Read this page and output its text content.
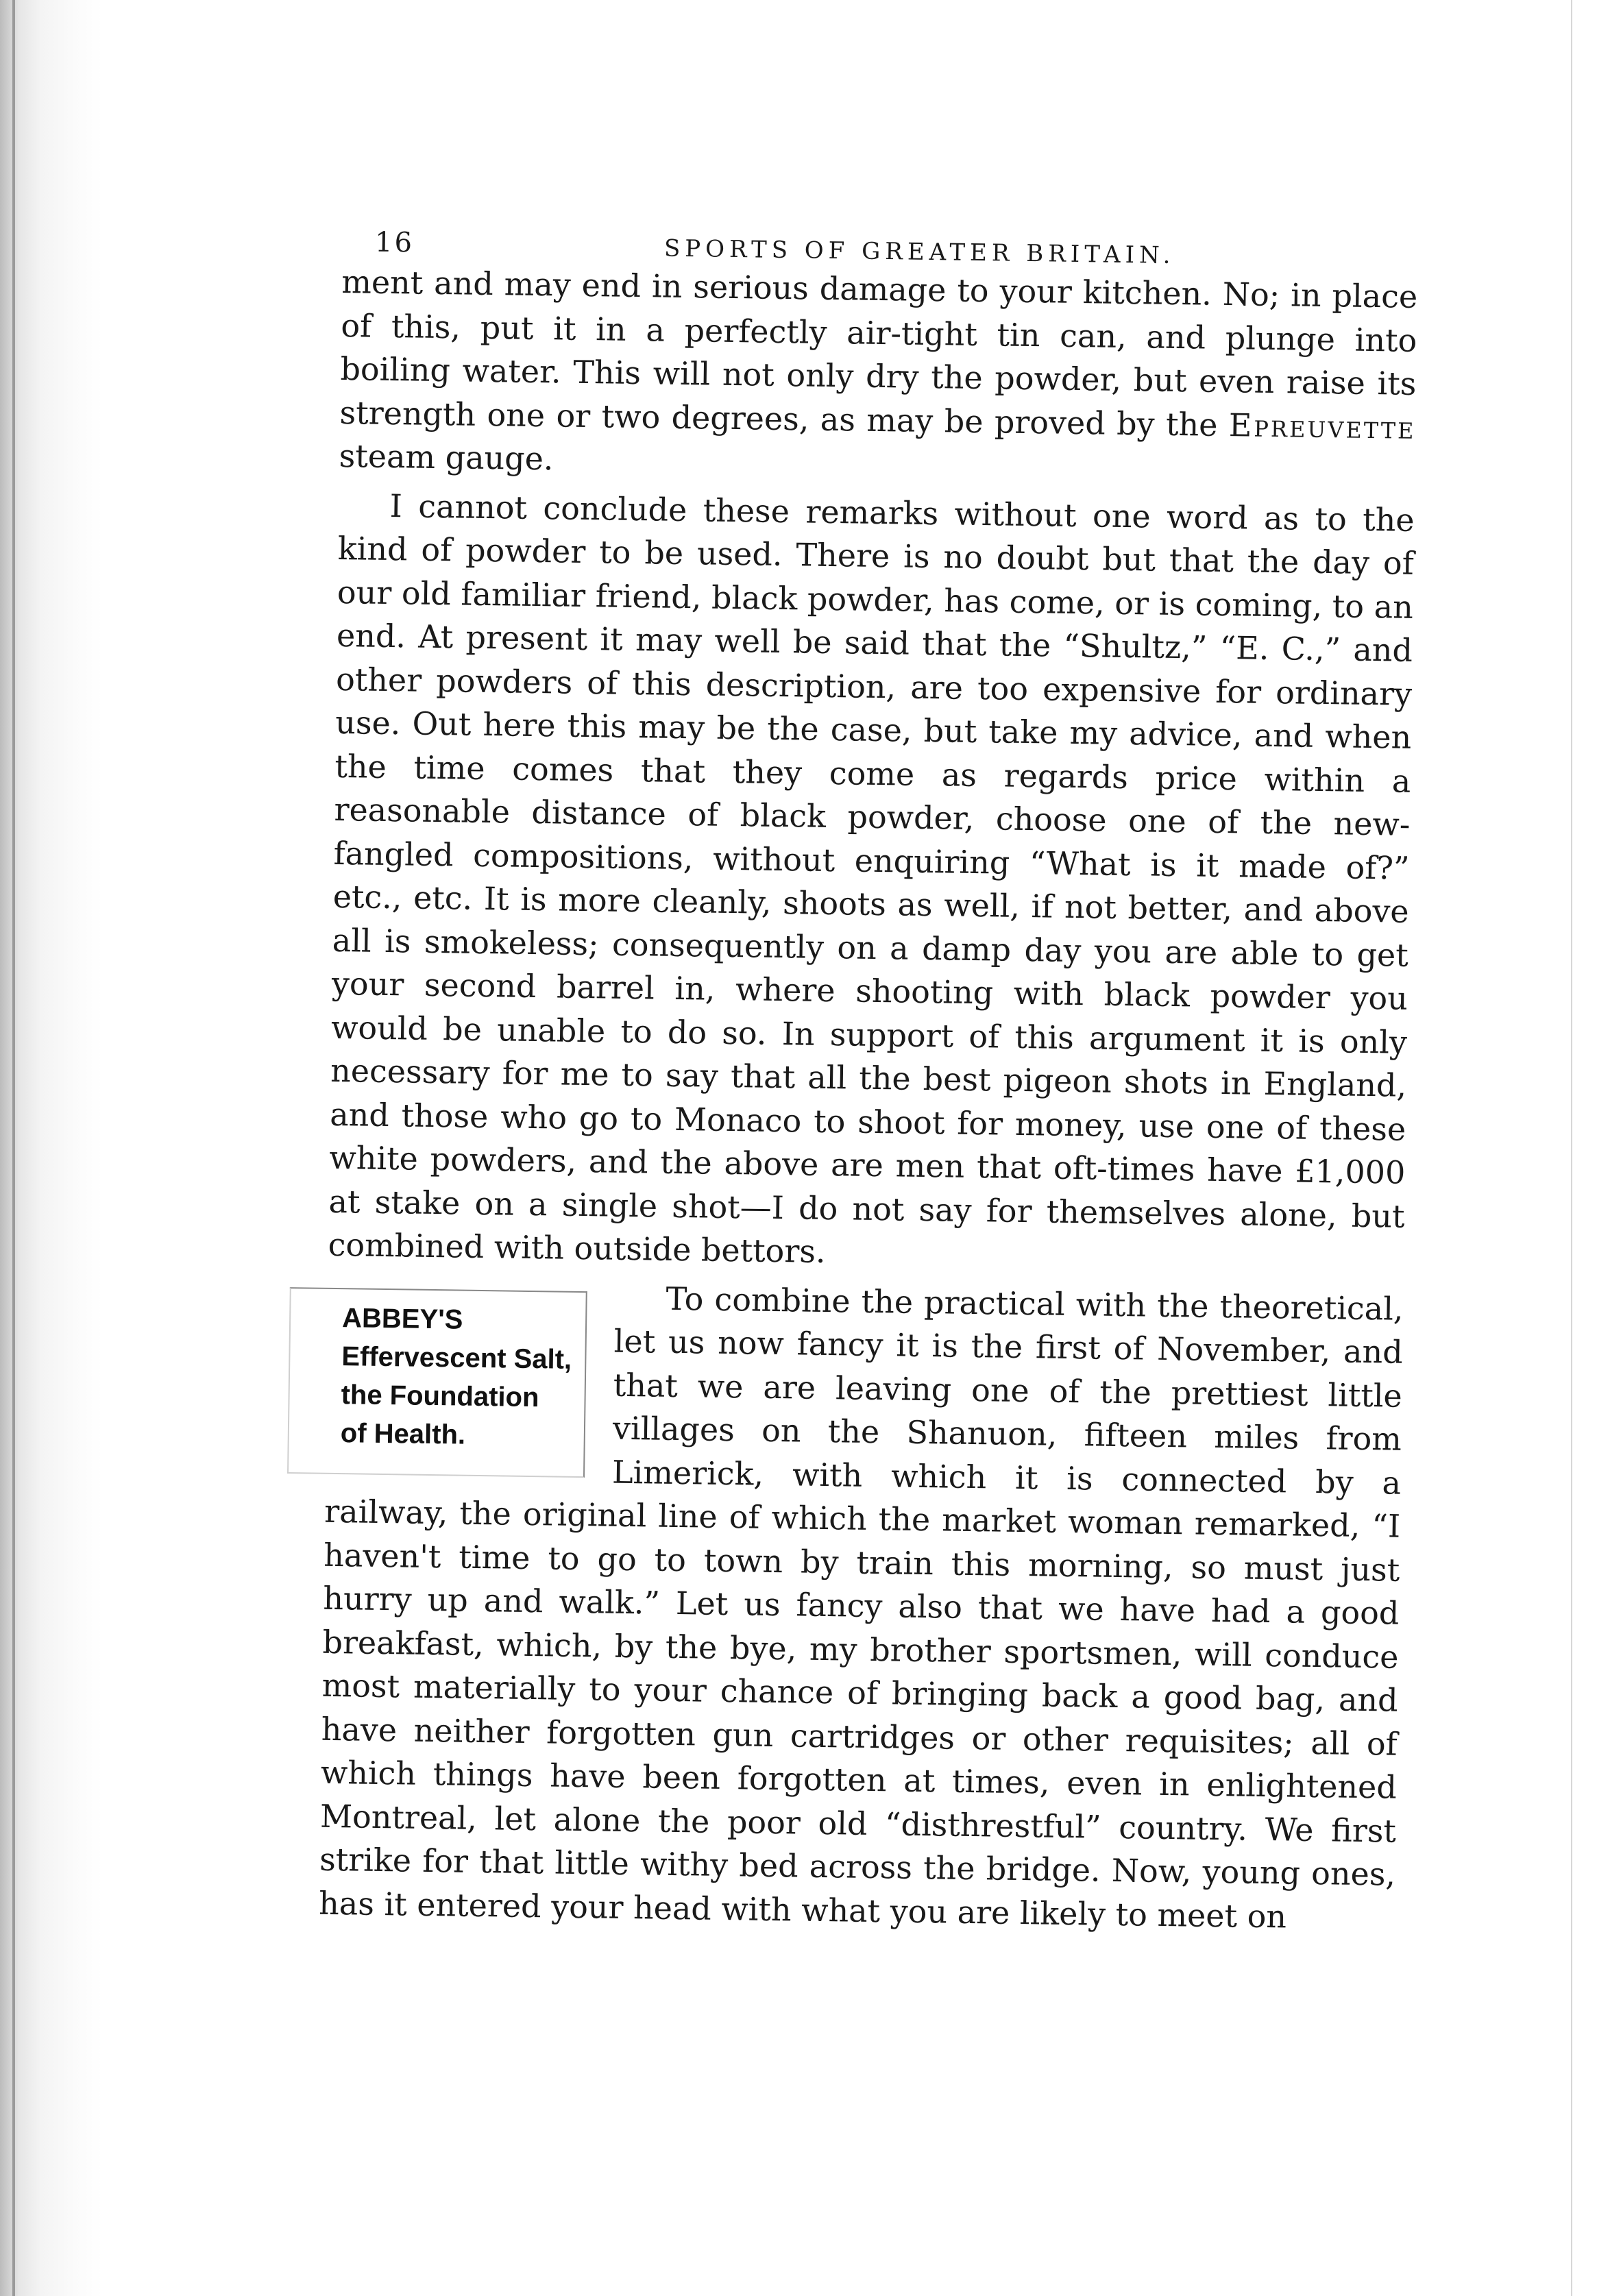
16	SPORTS OF GREATER BRITAIN.

ment and may end in serious damage to your kitchen. No; in place of this, put it in a perfectly air-tight tin can, and plunge into boiling water. This will not only dry the powder, but even raise its strength one or two degrees, as may be proved by the Epreuvette steam gauge.

I cannot conclude these remarks without one word as to the kind of powder to be used. There is no doubt but that the day of our old familiar friend, black powder, has come, or is coming, to an end. At present it may well be said that the “Shultz,” “E. C.,” and other powders of this description, are too expensive for ordinary use. Out here this may be the case, but take my advice, and when the time comes that they come as regards price within a reasonable distance of black powder, choose one of the new-fangled compositions, without enquiring “What is it made of?” etc., etc. It is more cleanly, shoots as well, if not better, and above all is smokeless; consequently on a damp day you are able to get your second barrel in, where shooting with black powder you would be unable to do so. In support of this argument it is only necessary for me to say that all the best pigeon shots in England, and those who go to Monaco to shoot for money, use one of these white powders, and the above are men that oft-times have £1,000 at stake on a single shot—I do not say for themselves alone, but combined with outside bettors.

ABBEY'S
Effervescent Salt,
the Foundation
of Health.
To combine the practical with the theoretical, let us now fancy it is the first of November, and that we are leaving one of the prettiest little villages on the Shanuon, fifteen miles from Limerick, with which it is connected by a railway, the original line of which the market woman remarked, “I haven't time to go to town by train this morning, so must just hurry up and walk.” Let us fancy also that we have had a good breakfast, which, by the bye, my brother sportsmen, will conduce most materially to your chance of bringing back a good bag, and have neither forgotten gun cartridges or other requisites; all of which things have been forgotten at times, even in enlightened Montreal, let alone the poor old “disthrestful” country. We first strike for that little withy bed across the bridge. Now, young ones, has it entered your head with what you are likely to meet on
